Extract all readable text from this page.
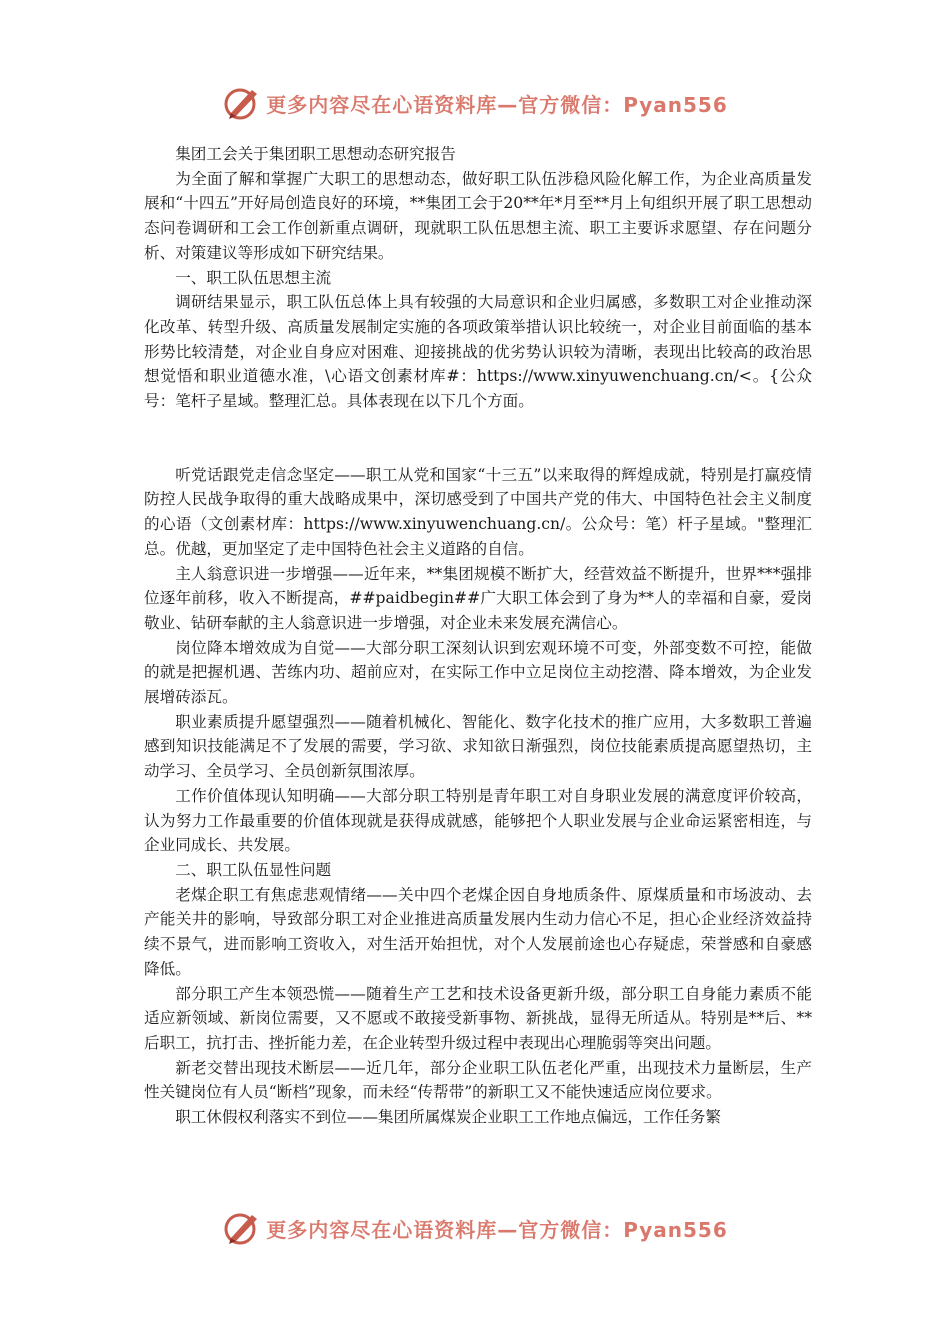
更多内容尽在心语资料库—官方微信：Pyan556

集团工会关于集团职工思想动态研究报告

为全面了解和掌握广大职工的思想动态，做好职工队伍涉稳风险化解工作，为企业高质量发展和“十四五”开好局创造良好的环境，**集团工会于20**年*月至**月上旬组织开展了职工思想动态问卷调研和工会工作创新重点调研，现就职工队伍思想主流、职工主要诉求愿望、存在问题分析、对策建议等形成如下研究结果。

一、职工队伍思想主流

调研结果显示，职工队伍总体上具有较强的大局意识和企业归属感，多数职工对企业推动深化改革、转型升级、高质量发展制定实施的各项政策举措认识比较统一，对企业目前面临的基本形势比较清楚，对企业自身应对困难、迎接挑战的优劣势认识较为清晰，表现出比较高的政治思想觉悟和职业道德水准，\心语文创素材库#：https://www.xinyuwenchuang.cn/<。{公众号：笔杆子星域。整理汇总。具体表现在以下几个方面。

听党话跟党走信念坚定——职工从党和国家“十三五”以来取得的辉煌成就，特别是打赢疫情防控人民战争取得的重大战略成果中，深切感受到了中国共产党的伟大、中国特色社会主义制度的心语（文创素材库：https://www.xinyuwenchuang.cn/。公众号：笔）杆子星域。"整理汇总。优越，更加坚定了走中国特色社会主义道路的自信。

主人翁意识进一步增强——近年来，**集团规模不断扩大，经营效益不断提升，世界***强排位逐年前移，收入不断提高，##paidbegin##广大职工体会到了身为**人的幸福和自豪，爱岗敬业、钻研奉献的主人翁意识进一步增强，对企业未来发展充满信心。

岗位降本增效成为自觉——大部分职工深刻认识到宏观环境不可变，外部变数不可控，能做的就是把握机遇、苦练内功、超前应对，在实际工作中立足岗位主动挖潜、降本增效，为企业发展增砖添瓦。

职业素质提升愿望强烈——随着机械化、智能化、数字化技术的推广应用，大多数职工普遍感到知识技能满足不了发展的需要，学习欲、求知欲日渐强烈，岗位技能素质提高愿望热切，主动学习、全员学习、全员创新氛围浓厚。

工作价值体现认知明确——大部分职工特别是青年职工对自身职业发展的满意度评价较高，认为努力工作最重要的价值体现就是获得成就感，能够把个人职业发展与企业命运紧密相连，与企业同成长、共发展。

二、职工队伍显性问题

老煤企职工有焦虑悲观情绪——关中四个老煤企因自身地质条件、原煤质量和市场波动、去产能关井的影响，导致部分职工对企业推进高质量发展内生动力信心不足，担心企业经济效益持续不景气，进而影响工资收入，对生活开始担忧，对个人发展前途也心存疑虑，荣誉感和自豪感降低。

部分职工产生本领恐慌——随着生产工艺和技术设备更新升级，部分职工自身能力素质不能适应新领域、新岗位需要，又不愿或不敢接受新事物、新挑战，显得无所适从。特别是**后、**后职工，抗打击、挫折能力差，在企业转型升级过程中表现出心理脆弱等突出问题。

新老交替出现技术断层——近几年，部分企业职工队伍老化严重，出现技术力量断层，生产性关键岗位有人员“断档”现象，而未经“传帮带”的新职工又不能快速适应岗位要求。

职工休假权利落实不到位——集团所属煤炭企业职工工作地点偏远，工作任务繁

更多内容尽在心语资料库—官方微信：Pyan556
